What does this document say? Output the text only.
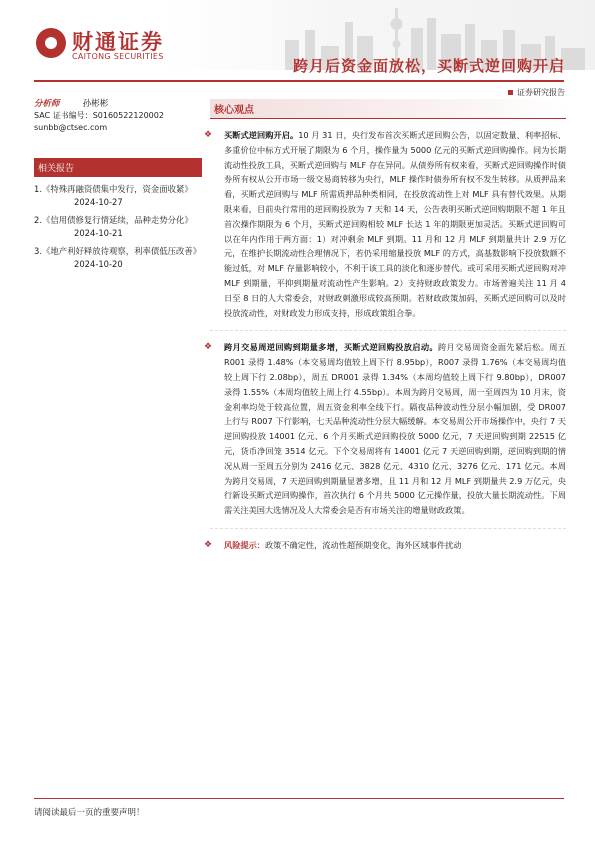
财通证券
CAITONG SECURITIES
跨月后资金面放松，买断式逆回购开启
证券研究报告
分析师	孙彬彬
SAC 证书编号：S0160522120002
sunbb@ctsec.com
相关报告
1.《特殊再融资债集中发行，资金面收紧》
2024-10-27
2.《信用债修复行情延续，品种走势分化》
2024-10-21
3.《地产利好释放待观察，利率债低压改善》
2024-10-20
核心观点
❖ 买断式逆回购开启。10 月 31 日，央行发布首次买断式逆回购公告，以固定数量、利率招标、多重价位中标方式开展了期限为 6 个月，操作量为 5000 亿元的买断式逆回购操作。同为长期流动性投放工具，买断式逆回购与 MLF 存在异同。从债券所有权来看，买断式逆回购操作时债券所有权从公开市场一级交易商转移为央行，MLF 操作时债券所有权不发生转移。从质押品来看，买断式逆回购与 MLF 所需质押品种类相同，在投放流动性上对 MLF 具有替代效果。从期限来看，目前央行常用的逆回购投放为 7 天和 14 天，公告表明买断式逆回购期限不超 1 年且首次操作期限为 6 个月，买断式逆回购相较 MLF 长达 1 年的期限更加灵活。买断式逆回购可以在年内作用于两方面：1）对冲剩余 MLF 到期。11 月和 12 月 MLF 到期量共计 2.9 万亿元，在维护长期流动性合理情况下，若仍采用缩量投放 MLF 的方式，高基数影响下投放数额不能过低，对 MLF 存量影响较小，不利于该工具的淡化和逐步替代。或可采用买断式逆回购对冲 MLF 到期量，平抑到期量对流动性产生影响。2）支持财政政策发力。市场普遍关注 11 月 4 日至 8 日的人大常委会，对财政刺激形成较高预期。若财政政策加码，买断式逆回购可以及时投放流动性，对财政发力形成支持，形成政策组合拳。
❖ 跨月交易周逆回购到期量多增，买断式逆回购投放启动。跨月交易周资金面先紧后松。周五 R001 录得 1.48%（本交易周均值较上周下行 8.95bp），R007 录得 1.76%（本交易周均值较上周下行 2.08bp），周五 DR001 录得 1.34%（本周均值较上周下行 9.80bp），DR007 录得 1.55%（本周均值较上周上行 4.55bp）。本周为跨月交易周，周一至周四为 10 月末，资金利率均处于较高位置，周五资金利率全线下行。隔夜品种波动性分层小幅加剧，受 DR007 上行与 R007 下行影响，七天品种流动性分层大幅缓解。本交易周公开市场操作中，央行 7 天逆回购投放 14001 亿元、6 个月买断式逆回购投放 5000 亿元，7 天逆回购到期 22515 亿元，货币净回笼 3514 亿元。下个交易周将有 14001 亿元 7 天逆回购到期，逆回购到期的情况从周一至周五分别为 2416 亿元、3828 亿元、4310 亿元、3276 亿元、171 亿元。本周为跨月交易周，7 天逆回购到期量显著多增，且 11 月和 12 月 MLF 到期量共 2.9 万亿元，央行新设买断式逆回购操作，首次执行 6 个月共 5000 亿元操作量，投放大量长期流动性。下周需关注美国大选情况及人大常委会是否有市场关注的增量财政政策。
❖ 风险提示：政策不确定性，流动性超预期变化，海外区域事件扰动
请阅读最后一页的重要声明！
